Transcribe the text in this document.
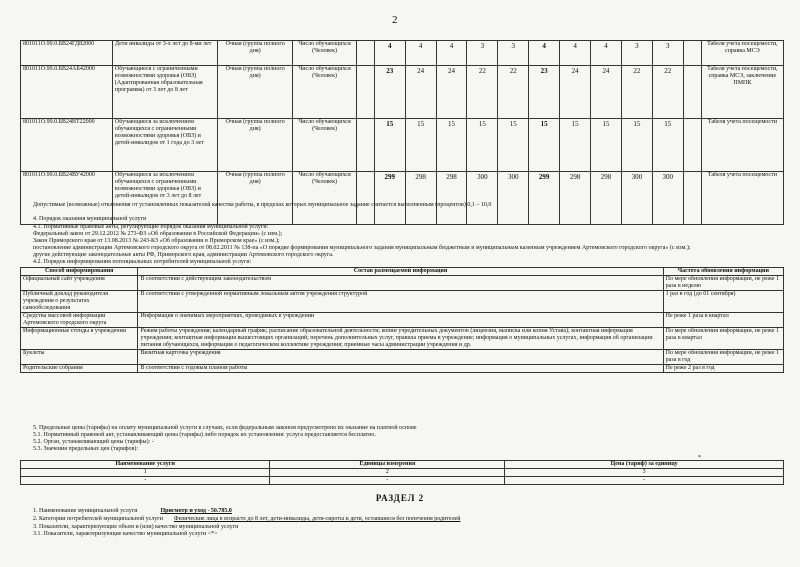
2
801011O.99.0.БВ24ГД82000	Дети инвалиды от 3-х лет до 8-ми лет	Очная (группа полного дня)	Число обучающихся (Человек)		4	4	4	3	3	4	4	4	3	3		Табеля учета посещемости, справка МСЭ
801011O.99.0.БВ24АБ42000	Обучающиеся с ограниченными возможностями здоровья (ОВЗ) (Адаптированная образовательная программа) от 3 лет до 8 лет	Очная (группа полного дня)	Число обучающихся (Человек)		23	24	24	22	22	23	24	24	22	22		Табеля учета посещемости, справка МСЭ, заключение ПМПК
801011O.99.0.БВ24ВТ22000	Обучающиеся за исключением обучающихся с ограниченными возможностями здоровья (ОВЗ) и детей-инвалидов от 1 года до 3 лет	Очная (группа полного дня)	Число обучающихся (Человек)		15	15	15	15	15	15	15	15	15	15		Табеля учета посещемости
801011O.99.0.БВ24ВУ42000	Обучающиеся за исключением обучающихся с ограниченными возможностями здоровья (ОВЗ) и детей-инвалидов от 3 лет до 8 лет	Очная (группа полного дня)	Число обучающихся (Человек)		299	298	298	300	300	299	298	298	300	300		Табеля учета посещемости
Допустимые (возможные) отклонения от установленных показателей качества работы, в пределах которых муниципальное задание считается выполненным (процентов) 0,1 – 10,0
4. Порядок оказания муниципальной услуги
4.1. Нормативные правовые акты, регулирующие порядок оказания муниципальной услуги:
Федеральный закон от 29.12.2012 № 273-ФЗ «Об образовании в Российской Федерации» (с изм.);
Закон Приморского края от 13.08.2013 № 243-КЗ «Об образовании в Приморском крае» (с изм.);
постановление администрации Артемовского городского округа от 08.02.2011 № 138-па «О порядке формирования муниципального задания муниципальным бюджетным и муниципальным казенным учреждением Артемовского городского округа» (с изм.);
другие действующие законодательные акты РФ, Приморского края, администрации Артемовского городского округа.
4.2. Порядок информирования потенциальных потребителей муниципальной услуги:
Способ информирования	Состав размещаемой информации	Частота обновления информации
Официальный сайт учреждения	В соответствии с действующим законодательством	По мере обновления информации, не реже 1 раза в неделю
Публичный доклад руководителя учреждения о результатах самообследования	В соответствии с утвержденной нормативным локальным актом учреждения структурой	1 раз в год (до 01 сентября)
Средства массовой информации Артемовского городского округа	Информация о значимых мероприятиях, проводимых в учреждении	Не реже 1 раза в квартал
Информационные стенды в учреждении	Режим работы учреждения; календарный график; расписание образовательной деятельности; копии учредительных документов (лицензия, выписка или копия Устава); контактная информация учреждения; контактная информация вышестоящих организаций; перечень дополнительных услуг, правила приема в учреждение; информация о муниципальных услугах, информация об организации питания обучающихся, информация о педагогическом коллективе учреждения; приемные часы администрации учреждения и др.	По мере обновления информации, не реже 1 раза в квартал
Буклеты	Визитная карточка учреждения	По мере обновления информации, не реже 1 раза в год
Родительские собрания	В соответствии с годовым планом работы	Не реже 2 раз в год
5. Предельные цены (тарифы) на оплату муниципальной услуги в случаях, если федеральным законом предусмотрено их оказание на платной основе
5.1. Нормативный правовой акт, устанавливающий цены (тарифы) либо порядок их установления: услуга предоставляется бесплатно.
5.2. Орган, устанавливающий цены (тарифы): -
5.3. Значения предельных цен (тарифов):
*
Наименование услуги	Единицы измерения	Цена (тариф) за единицу
1	2	3
-	-	-
РАЗДЕЛ 2
1. Наименование муниципальной услуги	Присмотр и уход - 50.785.0
2. Категории потребителей муниципальной услуги Физические лица в возрасте до 8 лет, дети-инвалиды, дети-сироты и дети, оставшиеся без попечения родителей
3. Показатели, характеризующие объем и (или) качество муниципальной услуги
3.1. Показатели, характеризующие качество муниципальной услуги <*>
